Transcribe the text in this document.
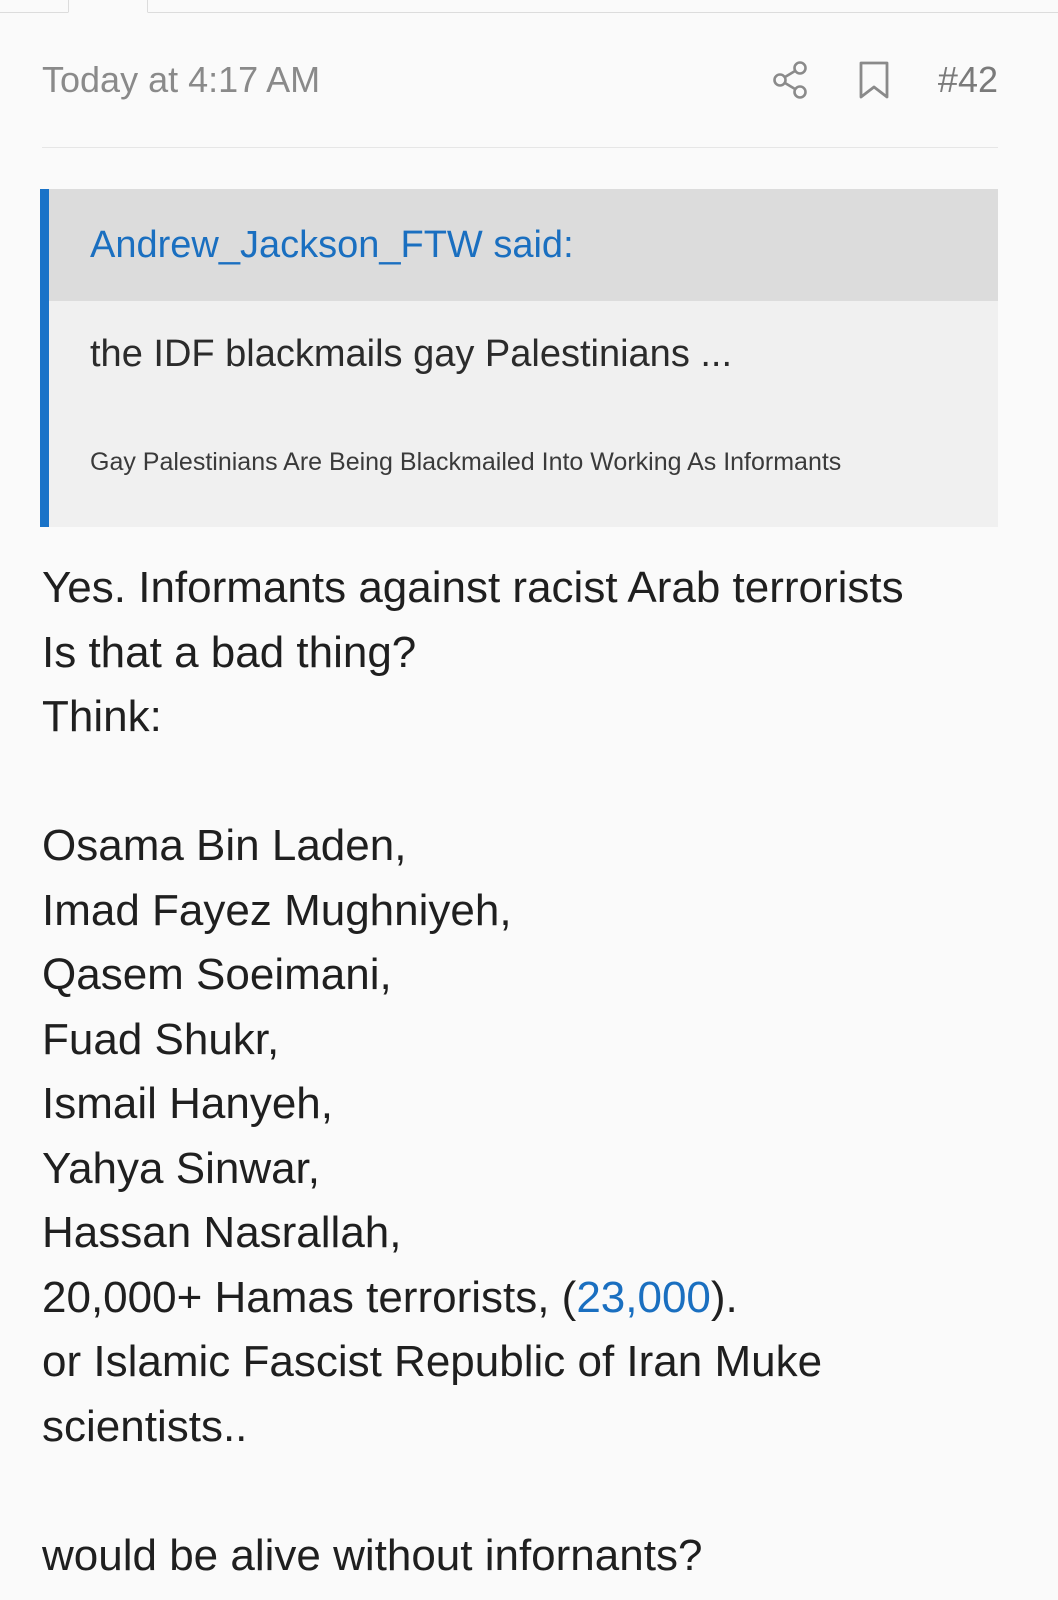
Today at 4:17 AM	#42
Andrew_Jackson_FTW said:
the IDF blackmails gay Palestinians ...
Gay Palestinians Are Being Blackmailed Into Working As Informants
Yes. Informants against racist Arab terrorists
Is that a bad thing?
Think:
Osama Bin Laden,
Imad Fayez Mughniyeh,
Qasem Soeimani,
Fuad Shukr,
Ismail Hanyeh,
Yahya Sinwar,
Hassan Nasrallah,
20,000+ Hamas terrorists, (23,000).
or Islamic Fascist Republic of Iran Muke
scientists..
would be alive without infornants?
